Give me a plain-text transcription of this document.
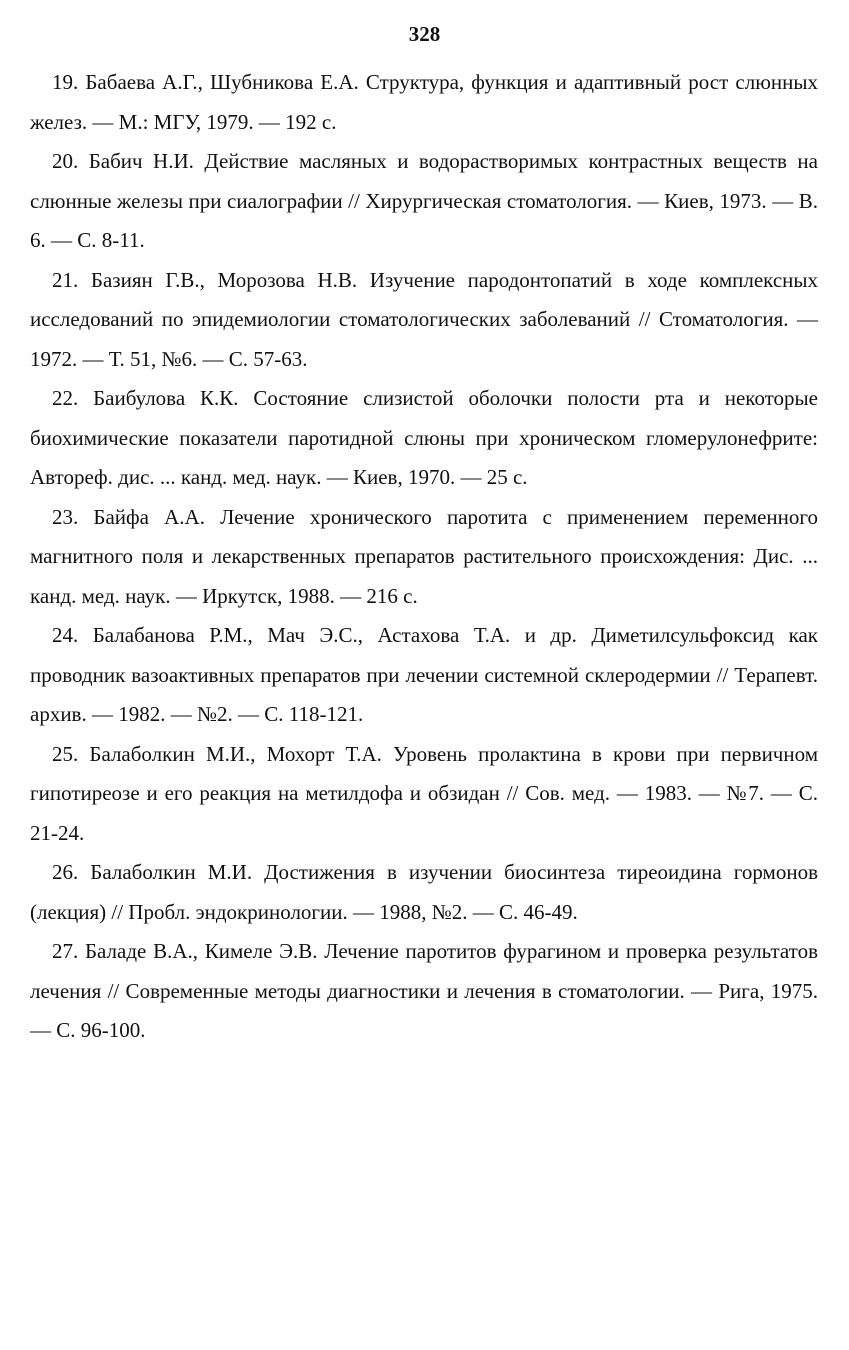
328

19. Бабаева А.Г., Шубникова Е.А. Структура, функция и адаптивный рост слюнных желез. — М.: МГУ, 1979. — 192 с.

20. Бабич Н.И. Действие масляных и водорастворимых контрастных веществ на слюнные железы при сиалографии // Хирургическая стоматология. — Киев, 1973. — В. 6. — С. 8-11.

21. Базиян Г.В., Морозова Н.В. Изучение пародонтопатий в ходе комплексных исследований по эпидемиологии стоматологических заболеваний // Стоматология. — 1972. — Т. 51, №6. — С. 57-63.

22. Баибулова К.К. Состояние слизистой оболочки полости рта и некоторые биохимические показатели паротидной слюны при хроническом гломерулонефрите: Автореф. дис. ... канд. мед. наук. — Киев, 1970. — 25 с.

23. Байфа А.А. Лечение хронического паротита с применением переменного магнитного поля и лекарственных препаратов растительного происхождения: Дис. ... канд. мед. наук. — Иркутск, 1988. — 216 с.

24. Балабанова Р.М., Мач Э.С., Астахова Т.А. и др. Диметилсульфоксид как проводник вазоактивных препаратов при лечении системной склеродермии // Терапевт. архив. — 1982. — №2. — С. 118-121.

25. Балаболкин М.И., Мохорт Т.А. Уровень пролактина в крови при первичном гипотиреозе и его реакция на метилдофа и обзидан // Сов. мед. — 1983. — №7. — С. 21-24.

26. Балаболкин М.И. Достижения в изучении биосинтеза тиреоидина гормонов (лекция) // Пробл. эндокринологии. — 1988, №2. — С. 46-49.

27. Баладе В.А., Кимеле Э.В. Лечение паротитов фурагином и проверка результатов лечения // Современные методы диагностики и лечения в стоматологии. — Рига, 1975. — С. 96-100.
